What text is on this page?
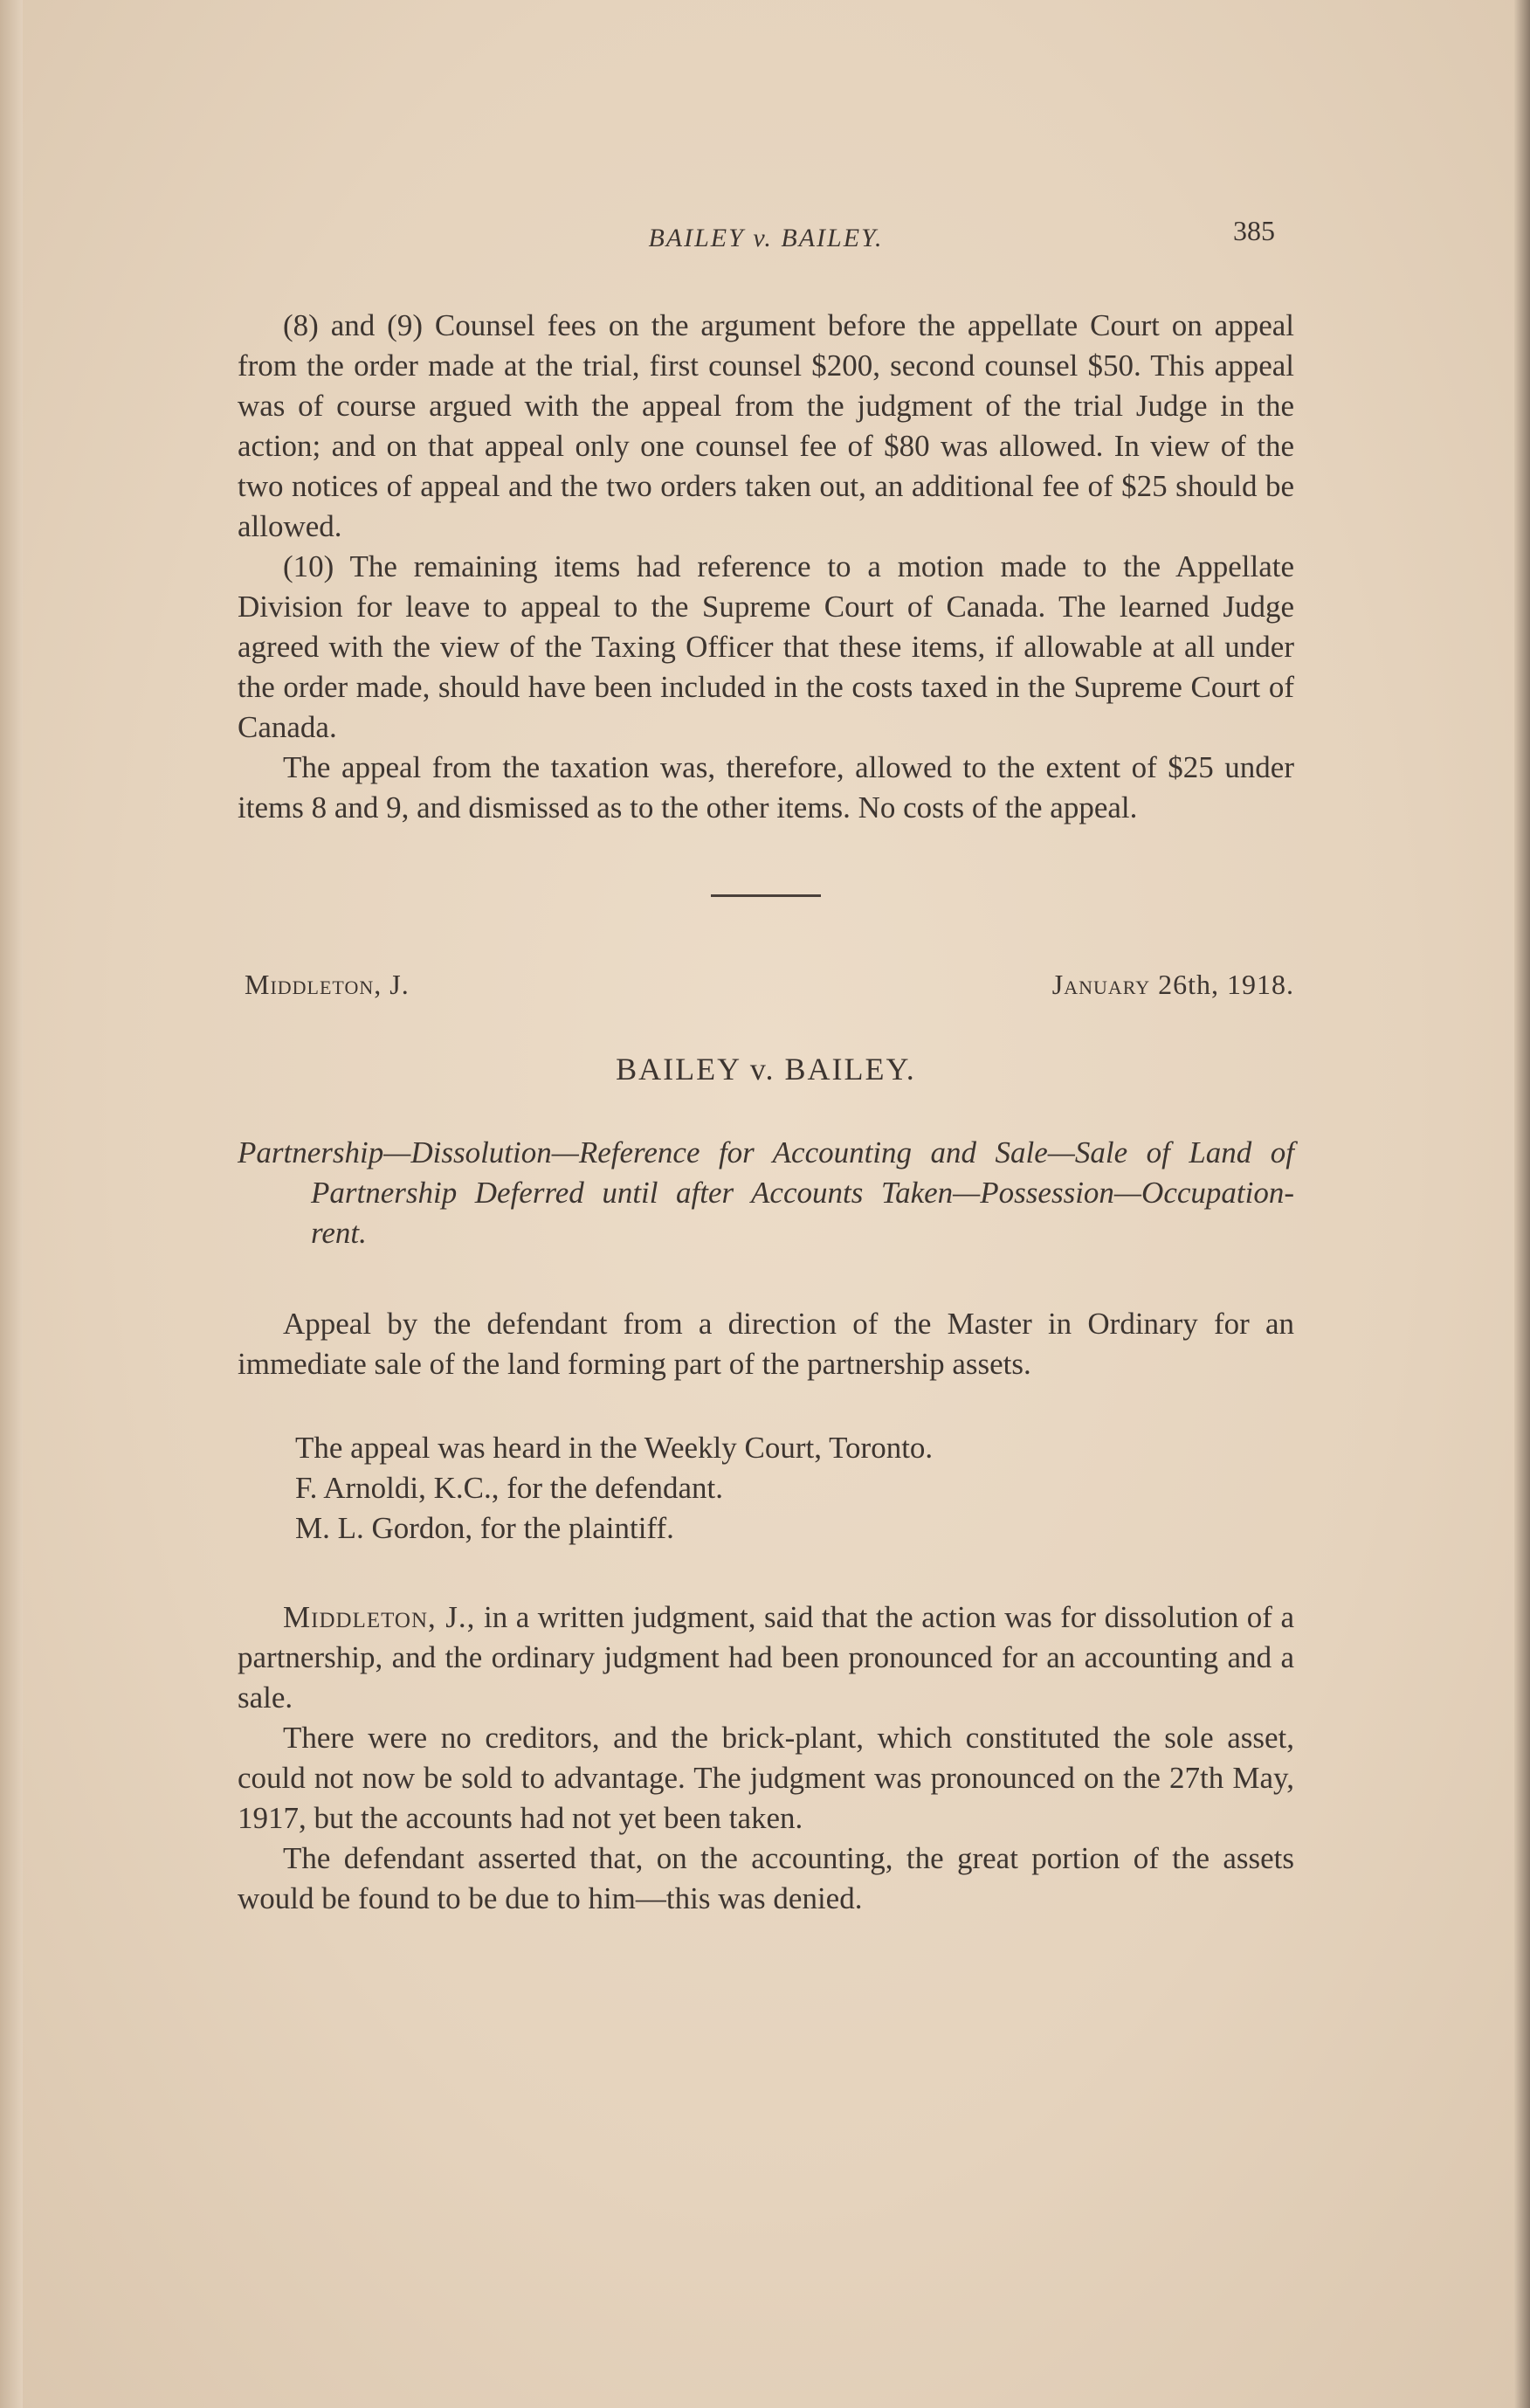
BAILEY v. BAILEY.	385

(8) and (9) Counsel fees on the argument before the appellate Court on appeal from the order made at the trial, first counsel $200, second counsel $50. This appeal was of course argued with the appeal from the judgment of the trial Judge in the action; and on that appeal only one counsel fee of $80 was allowed. In view of the two notices of appeal and the two orders taken out, an additional fee of $25 should be allowed.

(10) The remaining items had reference to a motion made to the Appellate Division for leave to appeal to the Supreme Court of Canada. The learned Judge agreed with the view of the Taxing Officer that these items, if allowable at all under the order made, should have been included in the costs taxed in the Supreme Court of Canada.

The appeal from the taxation was, therefore, allowed to the extent of $25 under items 8 and 9, and dismissed as to the other items. No costs of the appeal.

Middleton, J.	January 26th, 1918.
BAILEY v. BAILEY.
Partnership—Dissolution—Reference for Accounting and Sale—Sale of Land of Partnership Deferred until after Accounts Taken—Possession—Occupation-rent.

Appeal by the defendant from a direction of the Master in Ordinary for an immediate sale of the land forming part of the partnership assets.

The appeal was heard in the Weekly Court, Toronto.

F. Arnoldi, K.C., for the defendant.

M. L. Gordon, for the plaintiff.

Middleton, J., in a written judgment, said that the action was for dissolution of a partnership, and the ordinary judgment had been pronounced for an accounting and a sale.

There were no creditors, and the brick-plant, which constituted the sole asset, could not now be sold to advantage. The judgment was pronounced on the 27th May, 1917, but the accounts had not yet been taken.

The defendant asserted that, on the accounting, the great portion of the assets would be found to be due to him—this was denied.
